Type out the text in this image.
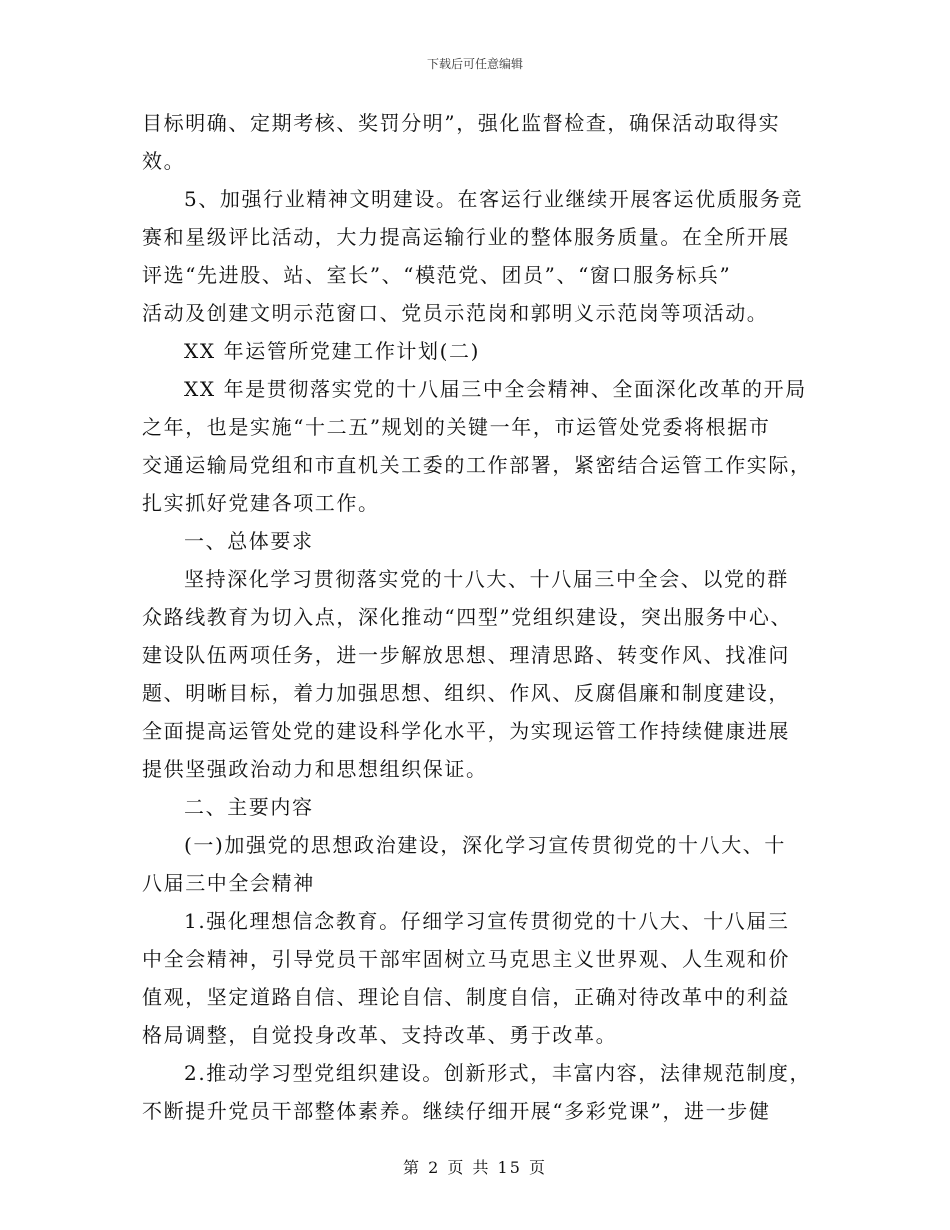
下载后可任意编辑
目标明确、定期考核、奖罚分明”，强化监督检查，确保活动取得实
效。
5、加强行业精神文明建设。在客运行业继续开展客运优质服务竞
赛和星级评比活动，大力提高运输行业的整体服务质量。在全所开展
评选“先进股、站、室长”、“模范党、团员”、“窗口服务标兵”
活动及创建文明示范窗口、党员示范岗和郭明义示范岗等项活动。
XX 年运管所党建工作计划(二)
XX 年是贯彻落实党的十八届三中全会精神、全面深化改革的开局
之年，也是实施“十二五”规划的关键一年，市运管处党委将根据市
交通运输局党组和市直机关工委的工作部署，紧密结合运管工作实际，
扎实抓好党建各项工作。
一、总体要求
坚持深化学习贯彻落实党的十八大、十八届三中全会、以党的群
众路线教育为切入点，深化推动“四型”党组织建设，突出服务中心、
建设队伍两项任务，进一步解放思想、理清思路、转变作风、找准问
题、明晰目标，着力加强思想、组织、作风、反腐倡廉和制度建设，
全面提高运管处党的建设科学化水平，为实现运管工作持续健康进展
提供坚强政治动力和思想组织保证。
二、主要内容
(一)加强党的思想政治建设，深化学习宣传贯彻党的十八大、十
八届三中全会精神
1.强化理想信念教育。仔细学习宣传贯彻党的十八大、十八届三
中全会精神，引导党员干部牢固树立马克思主义世界观、人生观和价
值观，坚定道路自信、理论自信、制度自信，正确对待改革中的利益
格局调整，自觉投身改革、支持改革、勇于改革。
2.推动学习型党组织建设。创新形式，丰富内容，法律规范制度，
不断提升党员干部整体素养。继续仔细开展“多彩党课”，进一步健
第 2 页 共 15 页
